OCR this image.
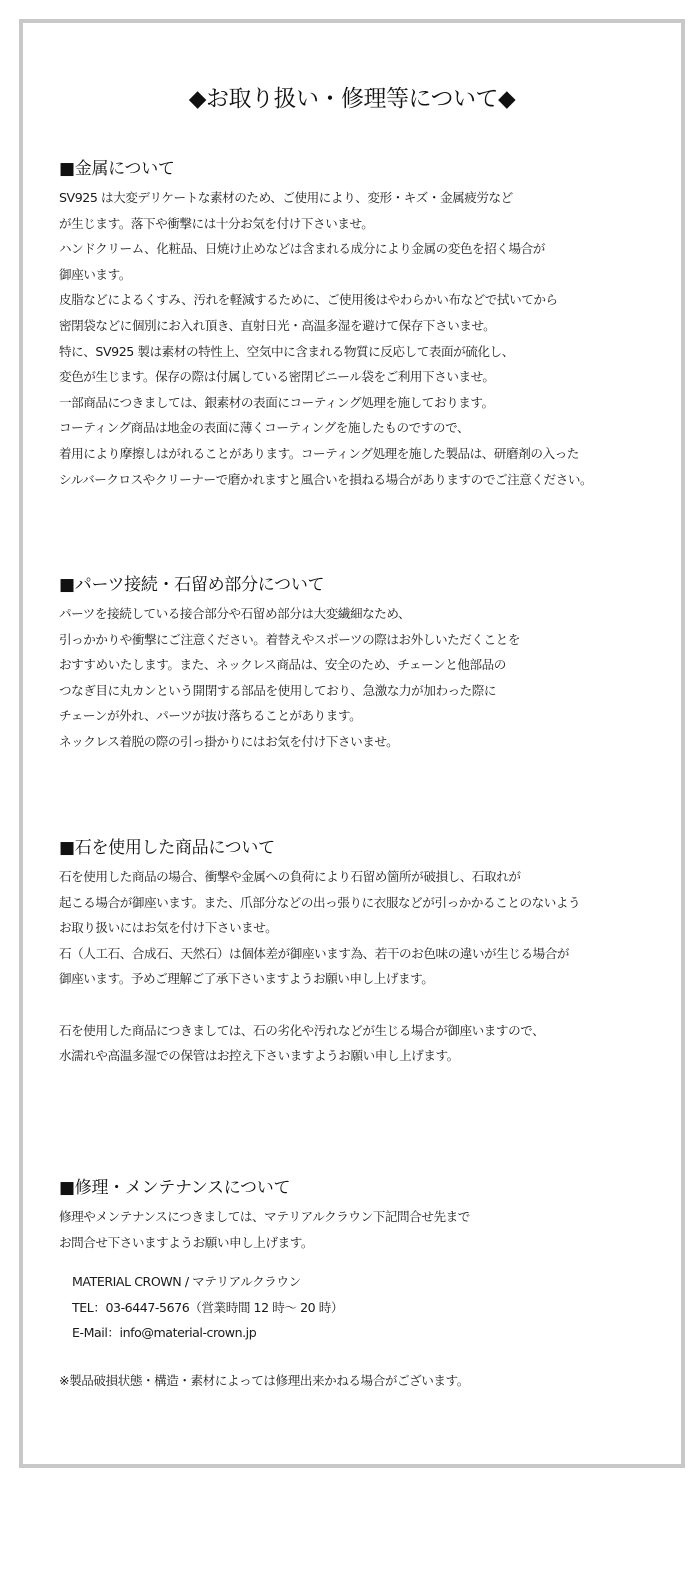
◆お取り扱い・修理等について◆
■金属について
SV925 は大変デリケートな素材のため、ご使用により、変形・キズ・金属疲労など
が生じます。落下や衝撃には十分お気を付け下さいませ。
ハンドクリーム、化粧品、日焼け止めなどは含まれる成分により金属の変色を招く場合が
御座います。
皮脂などによるくすみ、汚れを軽減するために、ご使用後はやわらかい布などで拭いてから
密閉袋などに個別にお入れ頂き、直射日光・高温多湿を避けて保存下さいませ。
特に、SV925 製は素材の特性上、空気中に含まれる物質に反応して表面が硫化し、
変色が生じます。保存の際は付属している密閉ビニール袋をご利用下さいませ。
一部商品につきましては、銀素材の表面にコーティング処理を施しております。
コーティング商品は地金の表面に薄くコーティングを施したものですので、
着用により摩擦しはがれることがあります。コーティング処理を施した製品は、研磨剤の入った
シルバークロスやクリーナーで磨かれますと風合いを損ねる場合がありますのでご注意ください。
■パーツ接続・石留め部分について
パーツを接続している接合部分や石留め部分は大変繊細なため、
引っかかりや衝撃にご注意ください。着替えやスポーツの際はお外しいただくことを
おすすめいたします。また、ネックレス商品は、安全のため、チェーンと他部品の
つなぎ目に丸カンという開閉する部品を使用しており、急激な力が加わった際に
チェーンが外れ、パーツが抜け落ちることがあります。
ネックレス着脱の際の引っ掛かりにはお気を付け下さいませ。
■石を使用した商品について
石を使用した商品の場合、衝撃や金属への負荷により石留め箇所が破損し、石取れが
起こる場合が御座います。また、爪部分などの出っ張りに衣服などが引っかかることのないよう
お取り扱いにはお気を付け下さいませ。
石（人工石、合成石、天然石）は個体差が御座います為、若干のお色味の違いが生じる場合が
御座います。予めご理解ご了承下さいますようお願い申し上げます。
石を使用した商品につきましては、石の劣化や汚れなどが生じる場合が御座いますので、
水濡れや高温多湿での保管はお控え下さいますようお願い申し上げます。
■修理・メンテナンスについて
修理やメンテナンスにつきましては、マテリアルクラウン下記問合せ先まで
お問合せ下さいますようお願い申し上げます。
MATERIAL CROWN / マテリアルクラウン
TEL：03-6447-5676（営業時間 12 時～ 20 時）
E-Mail：info@material-crown.jp
※製品破損状態・構造・素材によっては修理出来かねる場合がございます。
